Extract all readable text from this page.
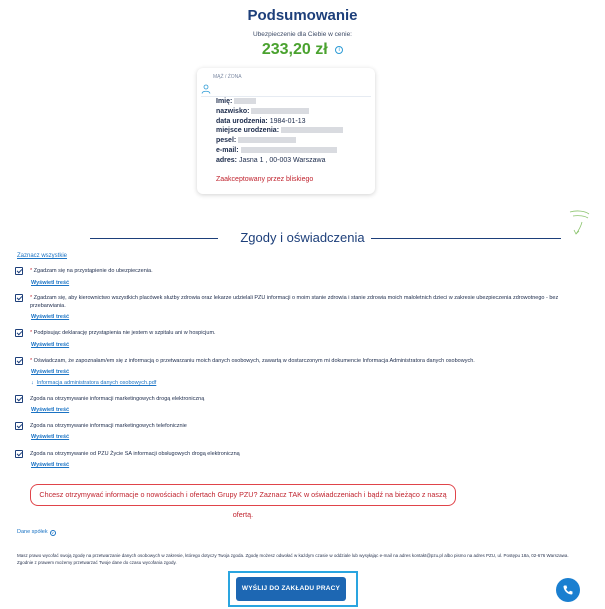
Podsumowanie
Ubezpieczenie dla Ciebie w cenie:
233,20 zł i
MĄŻ / ŻONA
Imię:
nazwisko:
data urodzenia: 1984-01-13
miejsce urodzenia:
pesel:
e-mail:
adres: Jasna 1 , 00-003 Warszawa
Zaakceptowany przez bliskiego
Zgody i oświadczenia
Zaznacz wszystkie
* Zgadzam się na przystąpienie do ubezpieczenia.
Wyświetl treść
* Zgadzam się, aby kierownictwo wszystkich placówek służby zdrowia oraz lekarze udzielali PZU informacji o moim stanie zdrowia i stanie zdrowia moich małoletnich dzieci w zakresie ubezpieczenia zdrowotnego - bez przebarwiania.
Wyświetl treść
* Podpisując deklarację przystąpienia nie jestem w szpitalu ani w hospicjum.
Wyświetl treść
* Oświadczam, że zapoznałam/em się z informacją o przetwarzaniu moich danych osobowych, zawartą w dostarczonym mi dokumencie Informacja Administratora danych osobowych.
Wyświetl treść
↓ Informacja administratora danych osobowych.pdf
Zgoda na otrzymywanie informacji marketingowych drogą elektroniczną
Wyświetl treść
Zgoda na otrzymywanie informacji marketingowych telefonicznie
Wyświetl treść
Zgoda na otrzymywanie od PZU Życie SA informacji obsługowych drogą elektroniczną
Wyświetl treść
Chcesz otrzymywać informacje o nowościach i ofertach Grupy PZU? Zaznacz TAK w oświadczeniach i bądź na bieżąco z naszą ofertą.
Dane spółek v
Masz prawo wycofać swoją zgodę na przetwarzanie danych osobowych w zakresie, którego dotyczy Twoja zgoda. Zgodę możesz odwołać w każdym czasie w oddziale lub wysyłając e-mail na adres kontakt@pzu.pl albo pismo na adres PZU, ul. Postępu 18a, 02-676 Warszawa. Zgodnie z prawem możemy przetwarzać Twoje dane do czasu wycofania zgody.
WYŚLIJ DO ZAKŁADU PRACY
